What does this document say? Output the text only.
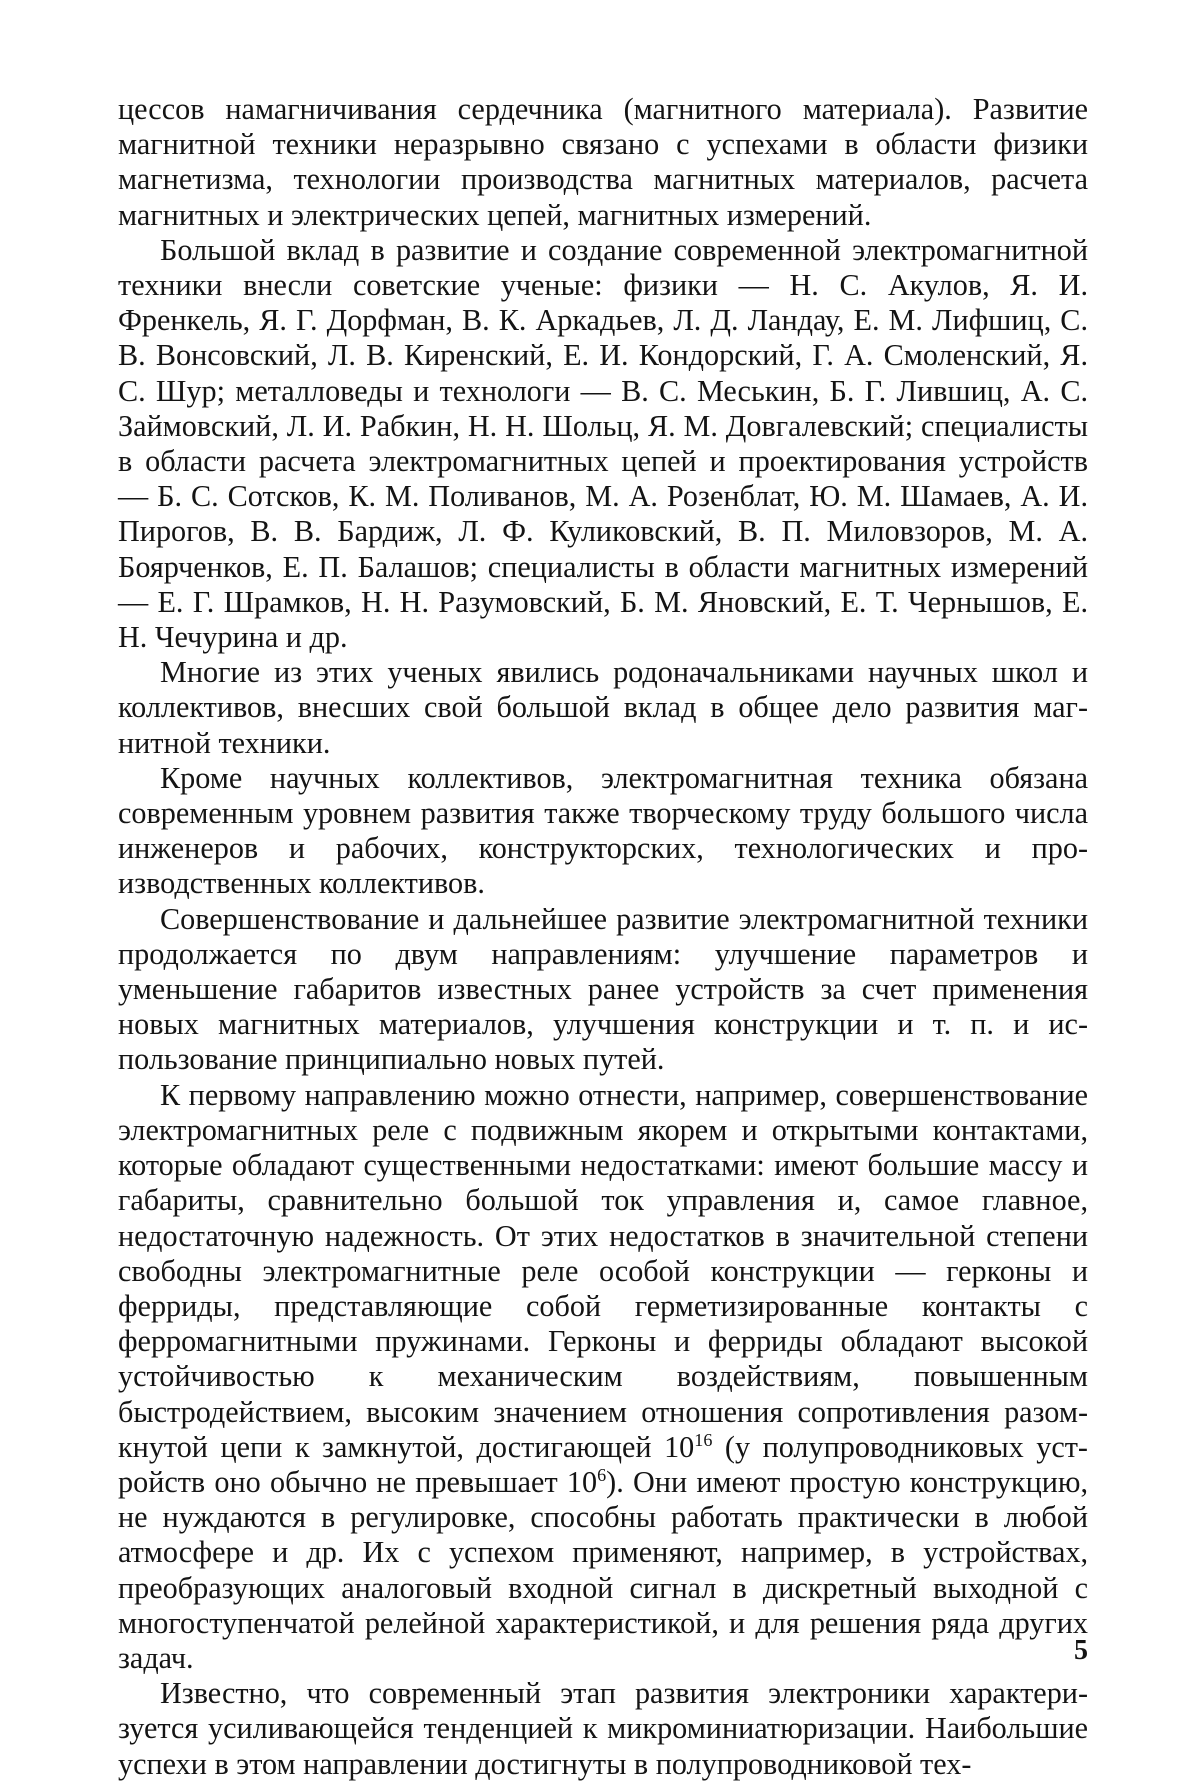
цессов намагничивания сердечника (магнитного материала). Развитие магнитной техники неразрывно связано с успехами в области физики магнетизма, технологии производства магнитных материалов, расчета магнитных и электрических цепей, магнитных измерений.

Большой вклад в развитие и создание современной электромагнитной техники внесли советские ученые: физики — Н. С. Акулов, Я. И. Френкель, Я. Г. Дорфман, В. К. Аркадьев, Л. Д. Ландау, Е. М. Лифшиц, С. В. Вонсовский, Л. В. Киренский, Е. И. Кондорский, Г. А. Смоленский, Я. С. Шур; металловеды и технологи — В. С. Меськин, Б. Г. Лившиц, А. С. Займовский, Л. И. Рабкин, Н. Н. Шольц, Я. М. Довгалевский; специалисты в области расчета электромагнитных цепей и проектирования устройств — Б. С. Сотсков, К. М. Поливанов, М. А. Розенблат, Ю. М. Шамаев, А. И. Пирогов, В. В. Бардиж, Л. Ф. Куликовский, В. П. Миловзоров, М. А. Боярченков, Е. П. Балашов; специалисты в области магнитных измерений — Е. Г. Шрамков, Н. Н. Разумовский, Б. М. Яновский, Е. Т. Чернышов, Е. Н. Чечурина и др.

Многие из этих ученых явились родоначальниками научных школ и коллективов, внесших свой большой вклад в общее дело развития магнитной техники.

Кроме научных коллективов, электромагнитная техника обязана современным уровнем развития также творческому труду большого числа инженеров и рабочих, конструкторских, технологических и производственных коллективов.

Совершенствование и дальнейшее развитие электромагнитной техники продолжается по двум направлениям: улучшение параметров и уменьшение габаритов известных ранее устройств за счет применения новых магнитных материалов, улучшения конструкции и т. п. и использование принципиально новых путей.

К первому направлению можно отнести, например, совершенствование электромагнитных реле с подвижным якорем и открытыми контактами, которые обладают существенными недостатками: имеют большие массу и габариты, сравнительно большой ток управления и, самое главное, недостаточную надежность. От этих недостатков в значительной степени свободны электромагнитные реле особой конструкции — герконы и ферриды, представляющие собой герметизированные контакты с ферромагнитными пружинами. Герконы и ферриды обладают высокой устойчивостью к механическим воздействиям, повышенным быстродействием, высоким значением отношения сопротивления разомкнутой цепи к замкнутой, достигающей $10^{16}$ (у полупроводниковых устройств оно обычно не превышает $10^6$). Они имеют простую конструкцию, не нуждаются в регулировке, способны работать практически в любой атмосфере и др. Их с успехом применяют, например, в устройствах, преобразующих аналоговый входной сигнал в дискретный выходной с многоступенчатой релейной характеристикой, и для решения ряда других задач.

Известно, что современный этап развития электроники характеризуется усиливающейся тенденцией к микроминиатюризации. Наибольшие успехи в этом направлении достигнуты в полупроводниковой тех-

5
